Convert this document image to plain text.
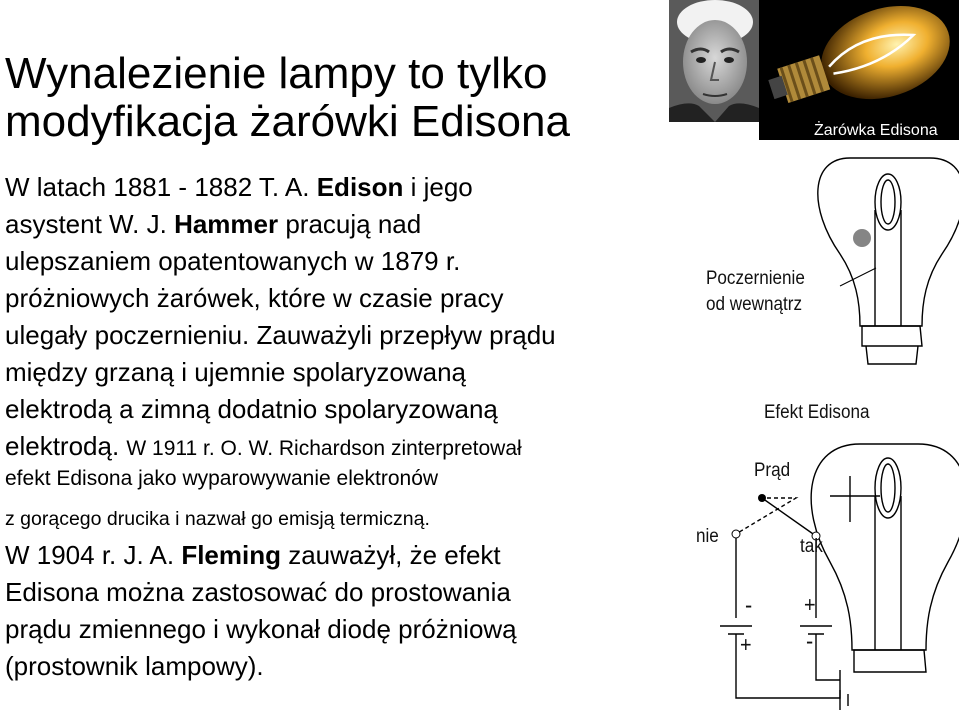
Wynalezienie lampy to tylko
modyfikacja żarówki Edisona
W latach 1881 - 1882 T. A. Edison i jego
asystent W. J. Hammer pracują nad
ulepszaniem opatentowanych w 1879 r.
próżniowych żarówek, które w czasie pracy
ulegały poczernieniu. Zauważyli przepływ prądu
między grzaną i ujemnie spolaryzowaną
elektrodą a zimną dodatnio spolaryzowaną
elektrodą. W 1911 r. O. W. Richardson zinterpretował
efekt Edisona jako wyparowywanie elektronów
z gorącego drucika i nazwał go emisją termiczną.
W 1904 r. J. A. Fleming zauważył, że efekt
Edisona można zastosować do prostowania
prądu zmiennego i wykonał diodę próżniową
(prostownik lampowy).
Żarówka Edisona
Poczernienie
od wewnątrz
Efekt Edisona
Prąd
nie	tak
-
+
+
-
